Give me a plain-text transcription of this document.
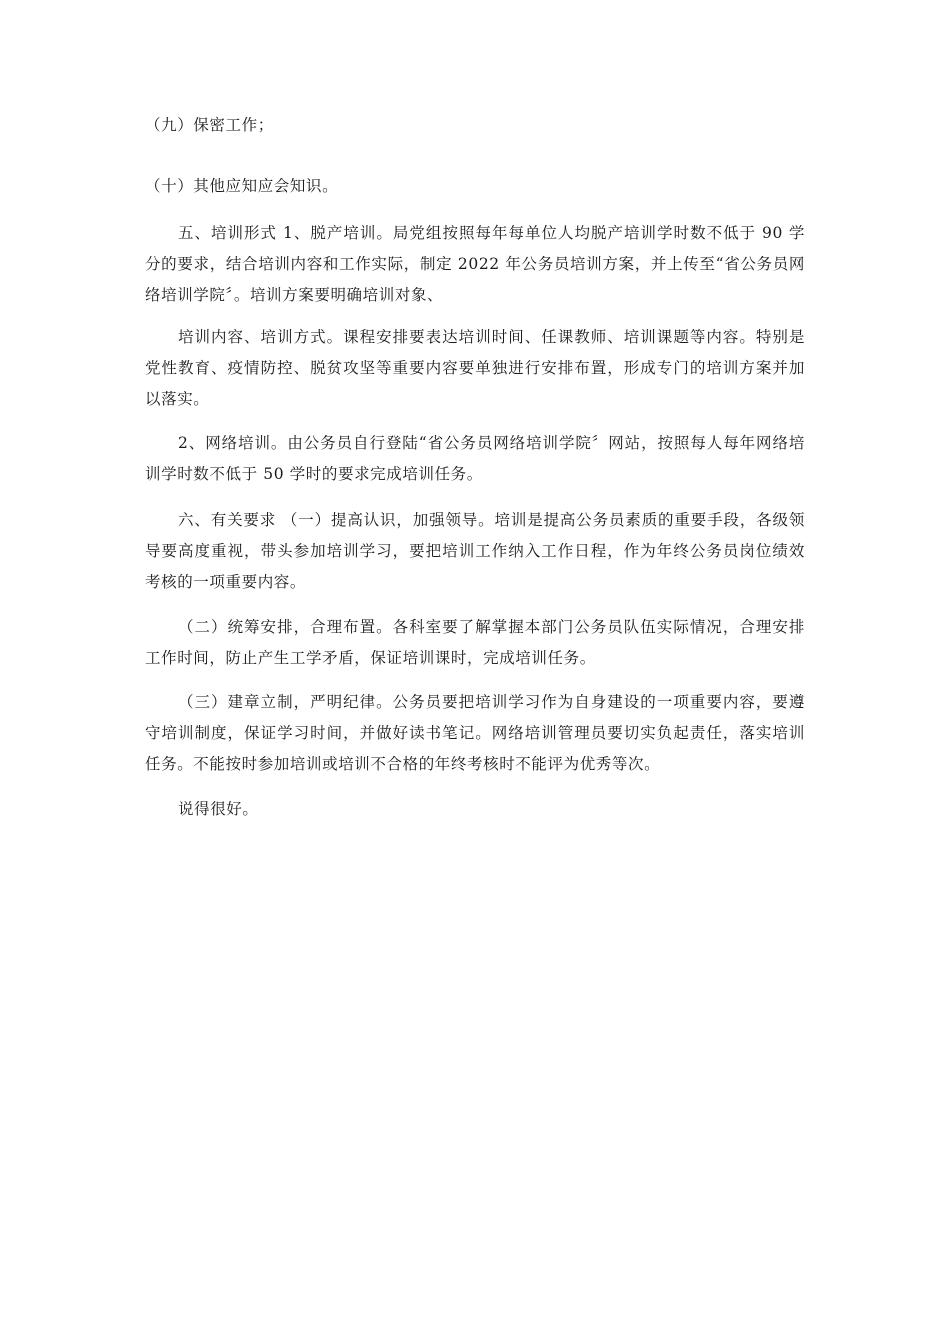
（九）保密工作；

（十）其他应知应会知识。

五、培训形式 1、脱产培训。局党组按照每年每单位人均脱产培训学时数不低于 90 学分的要求，结合培训内容和工作实际，制定 2022 年公务员培训方案，并上传至“省公务员网络培训学院〞。培训方案要明确培训对象、

培训内容、培训方式。课程安排要表达培训时间、任课教师、培训课题等内容。特别是党性教育、疫情防控、脱贫攻坚等重要内容要单独进行安排布置，形成专门的培训方案并加以落实。

2、网络培训。由公务员自行登陆“省公务员网络培训学院〞网站，按照每人每年网络培训学时数不低于 50 学时的要求完成培训任务。

六、有关要求 （一）提高认识，加强领导。培训是提高公务员素质的重要手段，各级领导要高度重视，带头参加培训学习，要把培训工作纳入工作日程，作为年终公务员岗位绩效考核的一项重要内容。

（二）统筹安排，合理布置。各科室要了解掌握本部门公务员队伍实际情况，合理安排工作时间，防止产生工学矛盾，保证培训课时，完成培训任务。

（三）建章立制，严明纪律。公务员要把培训学习作为自身建设的一项重要内容，要遵守培训制度，保证学习时间，并做好读书笔记。网络培训管理员要切实负起责任，落实培训任务。不能按时参加培训或培训不合格的年终考核时不能评为优秀等次。

说得很好。
